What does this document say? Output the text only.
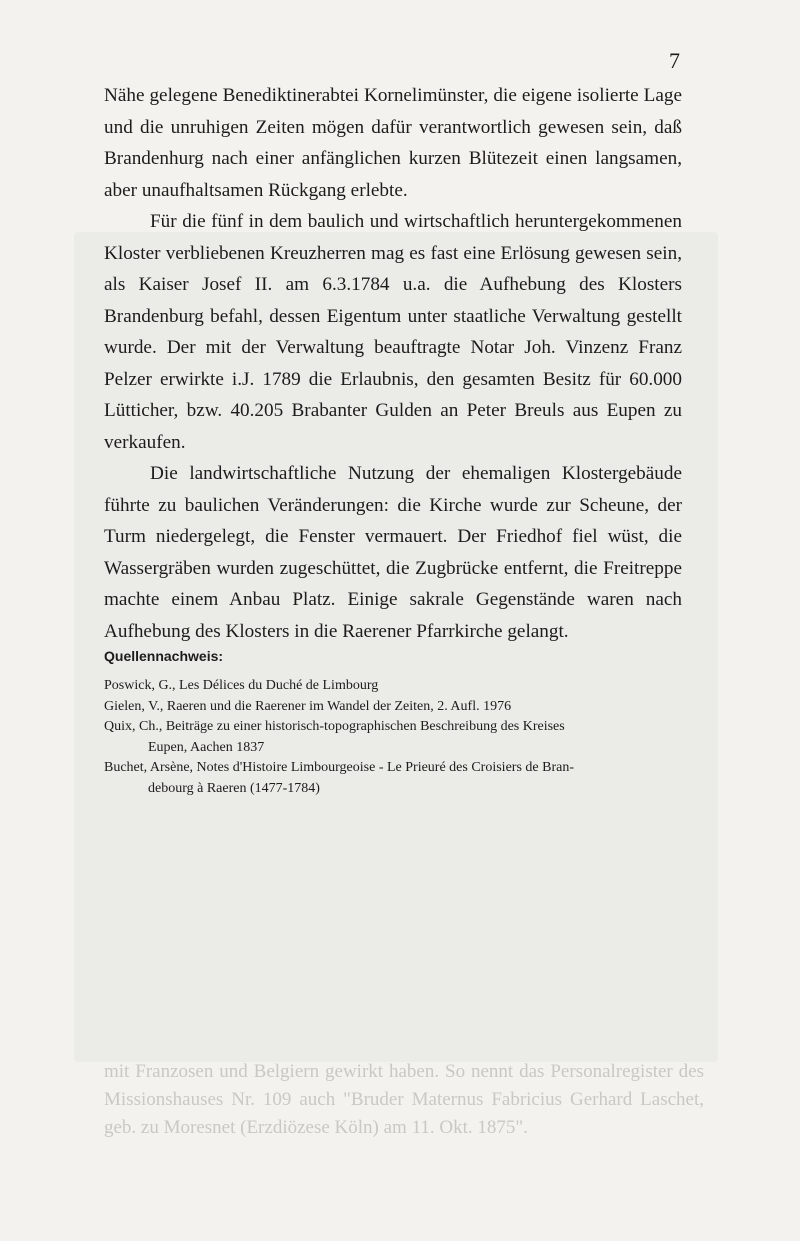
mit Franzosen und Belgiern gewirkt haben. So nennt das Personalregister des Missionshauses Nr. 109 auch "Bruder Maternus Fabricius Gerhard Laschet, geb. zu Moresnet (Erzdiözese Köln) am 11. Okt. 1875".
7

Nähe gelegene Benediktinerabtei Kornelimünster, die eigene isolierte Lage und die unruhigen Zeiten mögen dafür verantwortlich gewesen sein, daß Brandenhurg nach einer anfänglichen kurzen Blütezeit einen langsamen, aber unaufhaltsamen Rückgang erlebte.

Für die fünf in dem baulich und wirtschaftlich heruntergekommenen Kloster verbliebenen Kreuzherren mag es fast eine Erlösung gewesen sein, als Kaiser Josef II. am 6.3.1784 u.a. die Aufhebung des Klosters Brandenburg befahl, dessen Eigentum unter staatliche Verwaltung gestellt wurde. Der mit der Verwaltung beauftragte Notar Joh. Vinzenz Franz Pelzer erwirkte i.J. 1789 die Erlaubnis, den gesamten Besitz für 60.000 Lütticher, bzw. 40.205 Brabanter Gulden an Peter Breuls aus Eupen zu verkaufen.

Die landwirtschaftliche Nutzung der ehemaligen Klostergebäude führte zu baulichen Veränderungen: die Kirche wurde zur Scheune, der Turm niedergelegt, die Fenster vermauert. Der Friedhof fiel wüst, die Wassergräben wurden zugeschüttet, die Zugbrücke entfernt, die Freitreppe machte einem Anbau Platz. Einige sakrale Gegenstände waren nach Aufhebung des Klosters in die Raerener Pfarrkirche gelangt.

Quellennachweis:
Poswick, G., Les Délices du Duché de Limbourg
Gielen, V., Raeren und die Raerener im Wandel der Zeiten, 2. Aufl. 1976
Quix, Ch., Beiträge zu einer historisch-topographischen Beschreibung des Kreises
Eupen, Aachen 1837
Buchet, Arsène, Notes d'Histoire Limbourgeoise - Le Prieuré des Croisiers de Bran-
debourg à Raeren (1477-1784)
